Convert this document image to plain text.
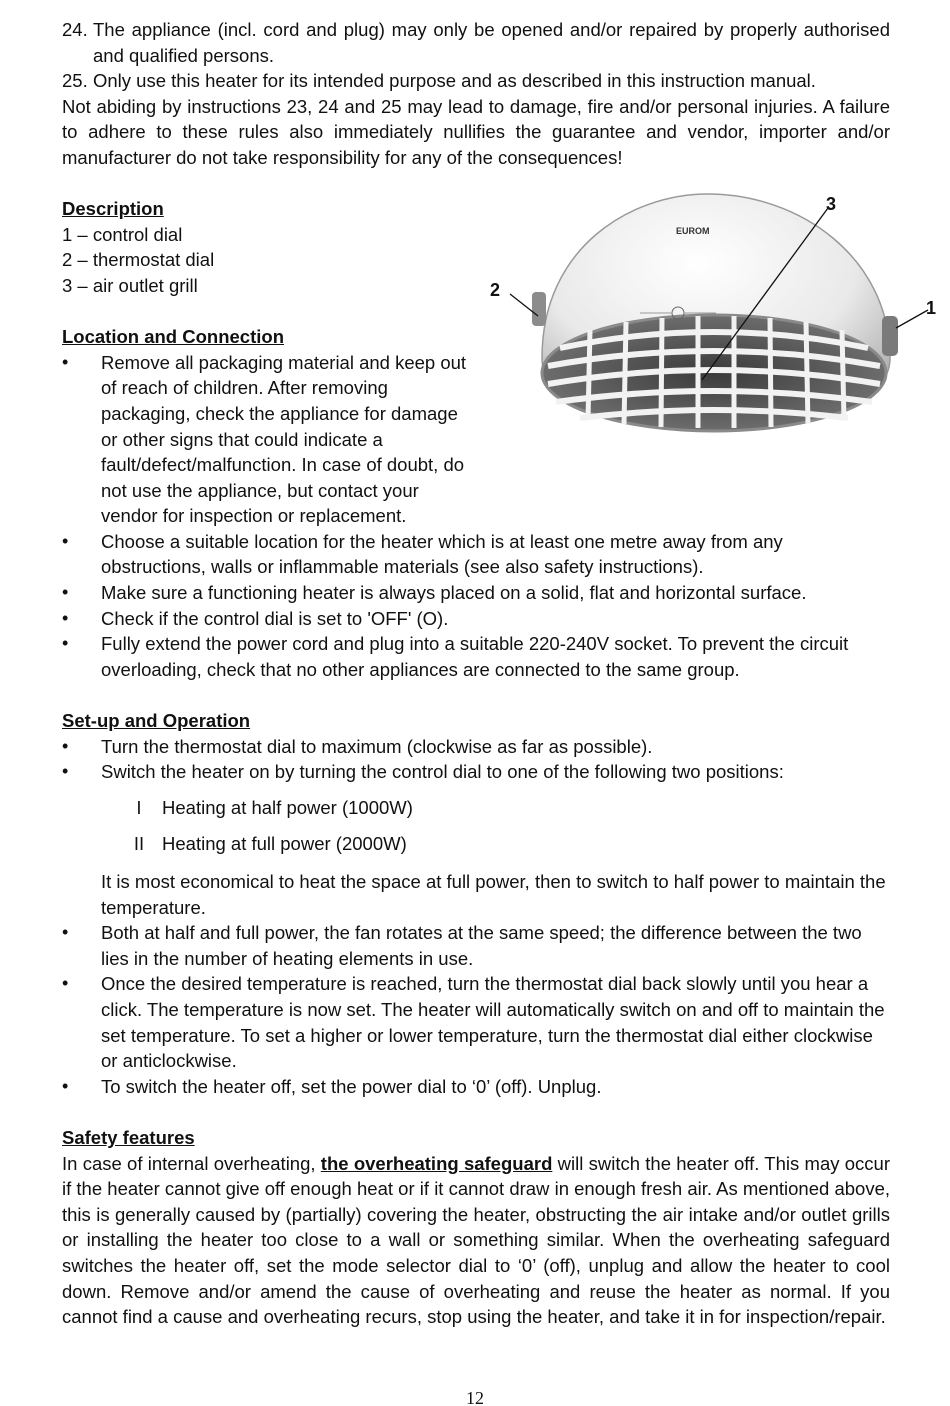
24. The appliance (incl. cord and plug) may only be opened and/or repaired by properly authorised and qualified persons.
25. Only use this heater for its intended purpose and as described in this instruction manual.

Not abiding by instructions 23, 24 and 25 may lead to damage, fire and/or personal injuries. A failure to adhere to these rules also immediately nullifies the guarantee and vendor, importer and/or manufacturer do not take responsibility for any of the consequences!

Description
1 – control dial
2 – thermostat dial
3 – air outlet grill
Location and Connection
• Remove all packaging material and keep out of reach of children. After removing packaging, check the appliance for damage or other signs that could indicate a fault/defect/malfunction. In case of doubt, do not use the appliance, but contact your vendor for inspection or replacement.
• Choose a suitable location for the heater which is at least one metre away from any obstructions, walls or inflammable materials (see also safety instructions).
• Make sure a functioning heater is always placed on a solid, flat and horizontal surface.
• Check if the control dial is set to 'OFF' (O).
• Fully extend the power cord and plug into a suitable 220-240V socket. To prevent the circuit overloading, check that no other appliances are connected to the same group.
Set-up and Operation
• Turn the thermostat dial to maximum (clockwise as far as possible).
• Switch the heater on by turning the control dial to one of the following two positions:
I	Heating at half power (1000W)
II Heating at full power (2000W)
It is most economical to heat the space at full power, then to switch to half power to maintain the temperature.
• Both at half and full power, the fan rotates at the same speed; the difference between the two lies in the number of heating elements in use.
• Once the desired temperature is reached, turn the thermostat dial back slowly until you hear a click. The temperature is now set. The heater will automatically switch on and off to maintain the set temperature. To set a higher or lower temperature, turn the thermostat dial either clockwise or anticlockwise.
• To switch the heater off, set the power dial to ‘0’ (off). Unplug.
Safety features

In case of internal overheating, the overheating safeguard will switch the heater off. This may occur if the heater cannot give off enough heat or if it cannot draw in enough fresh air. As mentioned above, this is generally caused by (partially) covering the heater, obstructing the air intake and/or outlet grills or installing the heater too close to a wall or something similar. When the overheating safeguard switches the heater off, set the mode selector dial to ‘0’ (off), unplug and allow the heater to cool down. Remove and/or amend the cause of overheating and reuse the heater as normal. If you cannot find a cause and overheating recurs, stop using the heater, and take it in for inspection/repair.

EUROM
3
2
1
12
